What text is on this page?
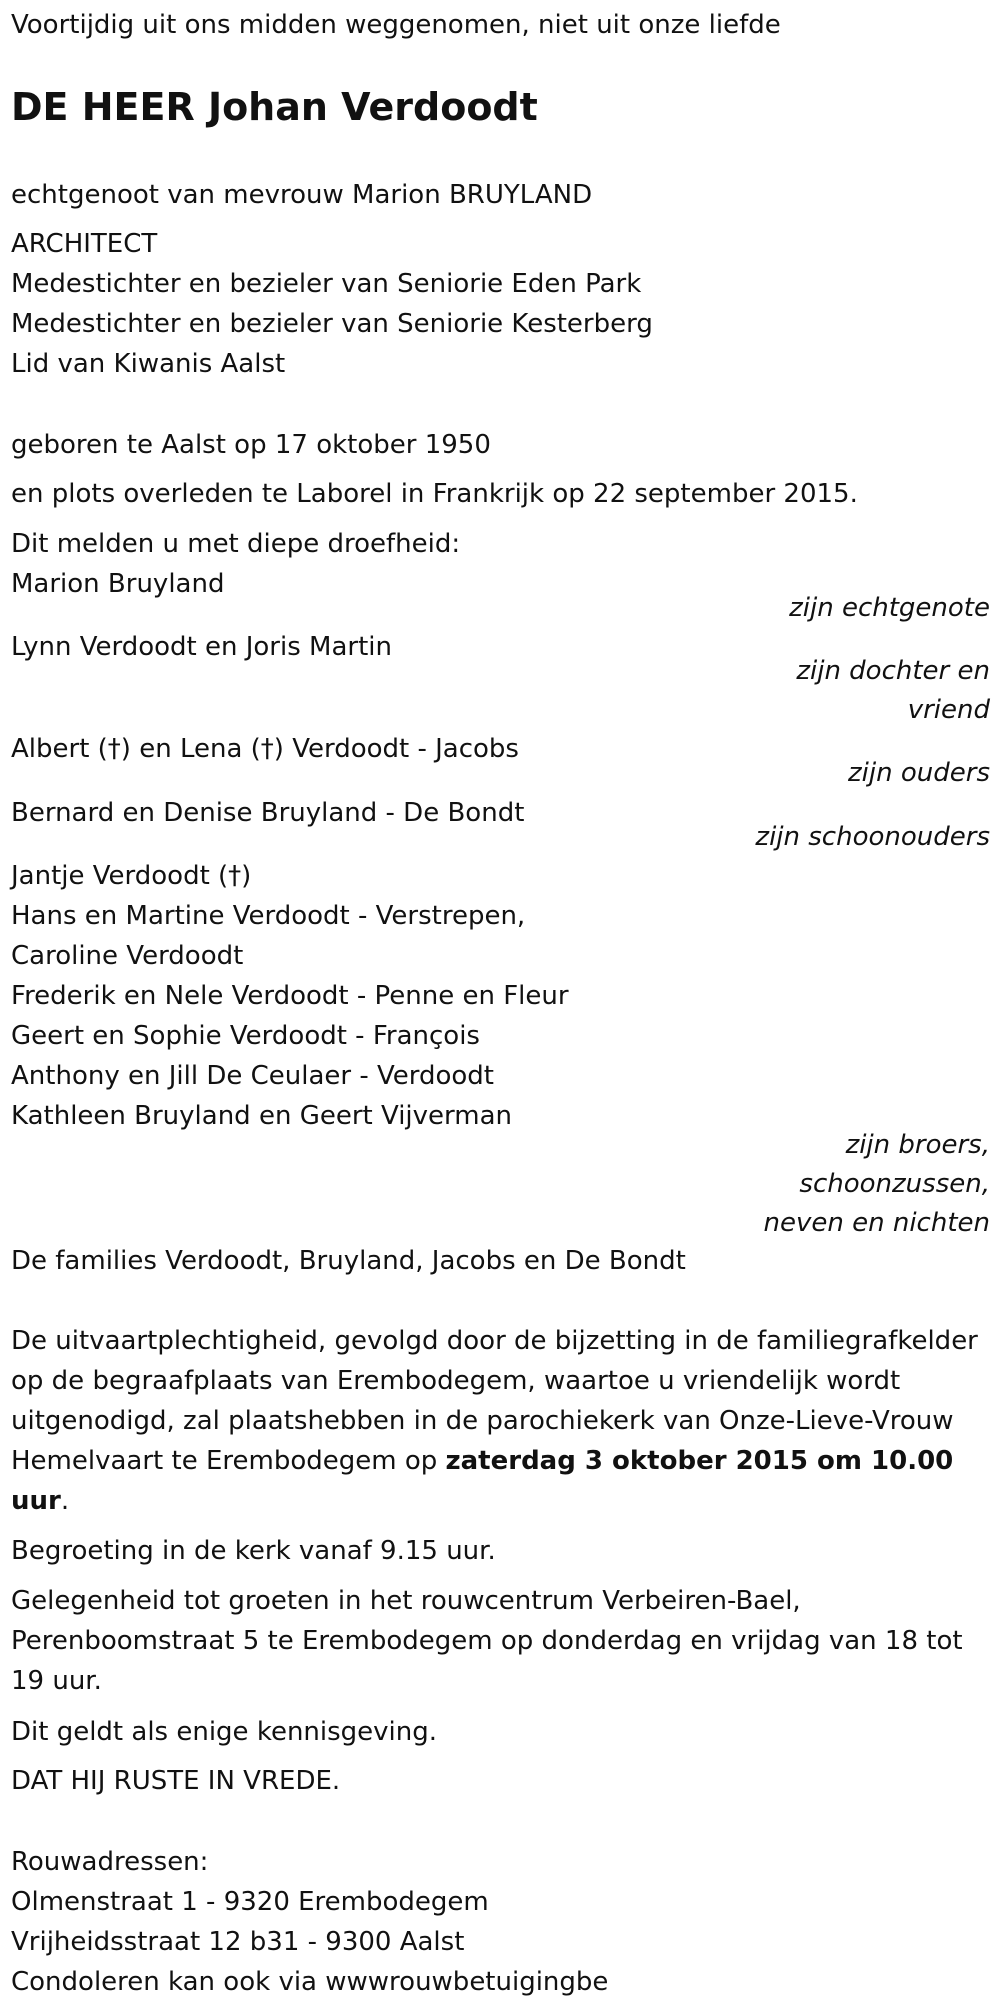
Voortijdig uit ons midden weggenomen, niet uit onze liefde
DE HEER Johan Verdoodt
echtgenoot van mevrouw Marion BRUYLAND
ARCHITECT
Medestichter en bezieler van Seniorie Eden Park
Medestichter en bezieler van Seniorie Kesterberg
Lid van Kiwanis Aalst
geboren te Aalst op 17 oktober 1950
en plots overleden te Laborel in Frankrijk op 22 september 2015.
Dit melden u met diepe droefheid:
Marion Bruyland
zijn echtgenote
Lynn Verdoodt en Joris Martin
zijn dochter en
vriend
Albert (†) en Lena (†) Verdoodt - Jacobs
zijn ouders
Bernard en Denise Bruyland - De Bondt
zijn schoonouders
Jantje Verdoodt (†)
Hans en Martine Verdoodt - Verstrepen,
Caroline Verdoodt
Frederik en Nele Verdoodt - Penne en Fleur
Geert en Sophie Verdoodt - François
Anthony en Jill De Ceulaer - Verdoodt
Kathleen Bruyland en Geert Vijverman
zijn broers,
schoonzussen,
neven en nichten
De families Verdoodt, Bruyland, Jacobs en De Bondt

De uitvaartplechtigheid, gevolgd door de bijzetting in de familiegrafkelder op de begraafplaats van Erembodegem, waartoe u vriendelijk wordt uitgenodigd, zal plaatshebben in de parochiekerk van Onze-Lieve-Vrouw Hemelvaart te Erembodegem op zaterdag 3 oktober 2015 om 10.00 uur.

Begroeting in de kerk vanaf 9.15 uur.

Gelegenheid tot groeten in het rouwcentrum Verbeiren-Bael, Perenboomstraat 5 te Erembodegem op donderdag en vrijdag van 18 tot 19 uur.

Dit geldt als enige kennisgeving.
DAT HIJ RUSTE IN VREDE.
Rouwadressen:
Olmenstraat 1 - 9320 Erembodegem
Vrijheidsstraat 12 b31 - 9300 Aalst
Condoleren kan ook via wwwrouwbetuigingbe
